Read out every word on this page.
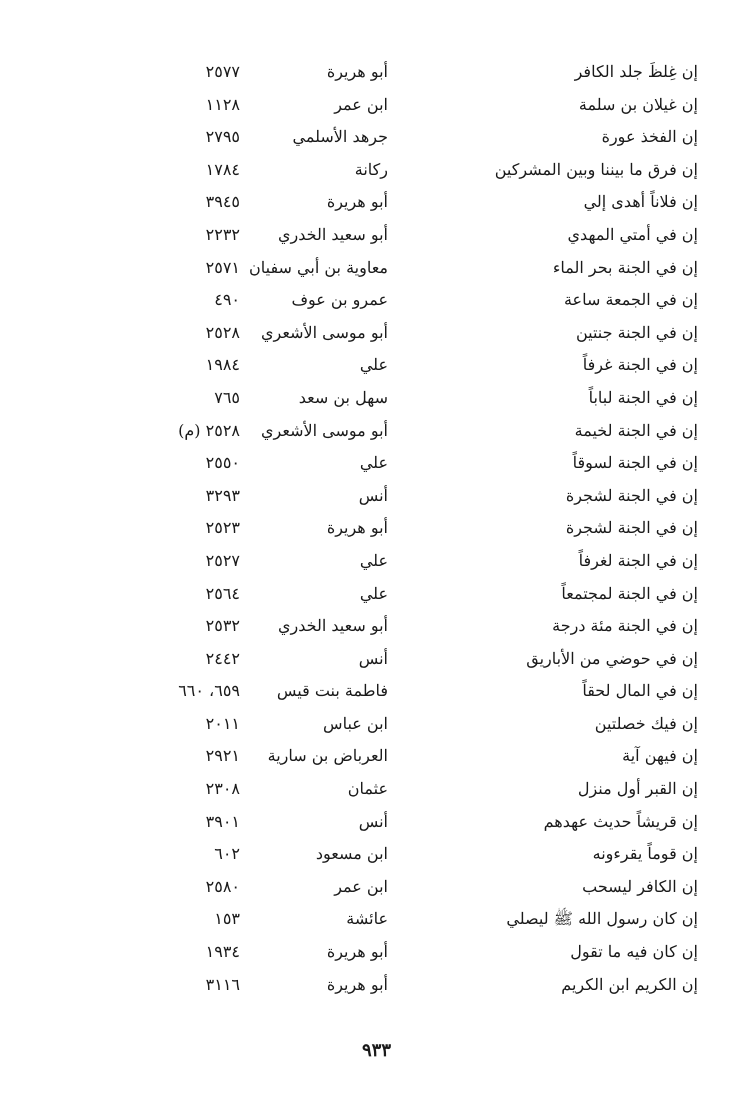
إن غِلظَ جلد الكافر
أبو هريرة
٢٥٧٧
إن غيلان بن سلمة
ابن عمر
١١٢٨
إن الفخذ عورة
جرهد الأسلمي
٢٧٩٥
إن فرق ما بيننا وبين المشركين
ركانة
١٧٨٤
إن فلاناً أهدى إلي
أبو هريرة
٣٩٤٥
إن في أمتي المهدي
أبو سعيد الخدري
٢٢٣٢
إن في الجنة بحر الماء
معاوية بن أبي سفيان
٢٥٧١
إن في الجمعة ساعة
عمرو بن عوف
٤٩٠
إن في الجنة جنتين
أبو موسى الأشعري
٢٥٢٨
إن في الجنة غرفاً
علي
١٩٨٤
إن في الجنة لباباً
سهل بن سعد
٧٦٥
إن في الجنة لخيمة
أبو موسى الأشعري
٢٥٢٨ (م)
إن في الجنة لسوقاً
علي
٢٥٥٠
إن في الجنة لشجرة
أنس
٣٢٩٣
إن في الجنة لشجرة
أبو هريرة
٢٥٢٣
إن في الجنة لغرفاً
علي
٢٥٢٧
إن في الجنة لمجتمعاً
علي
٢٥٦٤
إن في الجنة مئة درجة
أبو سعيد الخدري
٢٥٣٢
إن في حوضي من الأباريق
أنس
٢٤٤٢
إن في المال لحقاً
فاطمة بنت قيس
٦٥٩، ٦٦٠
إن فيك خصلتين
ابن عباس
٢٠١١
إن فيهن آية
العرباض بن سارية
٢٩٢١
إن القبر أول منزل
عثمان
٢٣٠٨
إن قريشاً حديث عهدهم
أنس
٣٩٠١
إن قوماً يقرءونه
ابن مسعود
٦٠٢
إن الكافر ليسحب
ابن عمر
٢٥٨٠
إن كان رسول الله ﷺ ليصلي
عائشة
١٥٣
إن كان فيه ما تقول
أبو هريرة
١٩٣٤
إن الكريم ابن الكريم
أبو هريرة
٣١١٦
٩٣٣
